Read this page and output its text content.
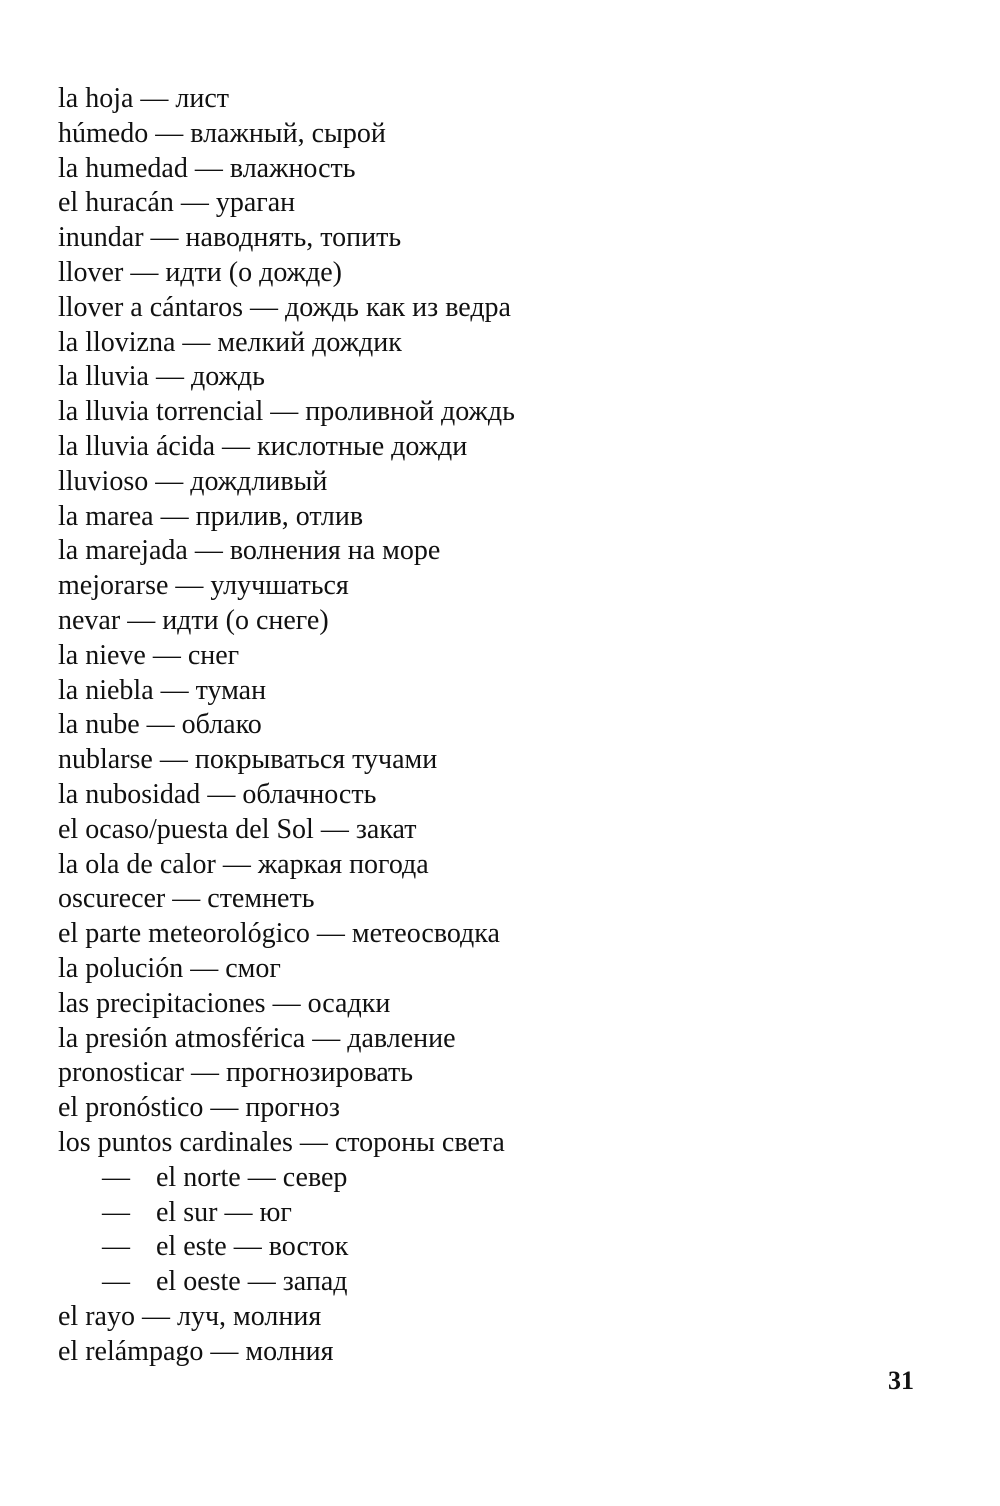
la hoja — лист
húmedo — влажный, сырой
la humedad — влажность
el huracán — ураган
inundar — наводнять, топить
llover — идти (о дожде)
llover a cántaros — дождь как из ведра
la llovizna — мелкий дождик
la lluvia — дождь
la lluvia torrencial — проливной дождь
la lluvia ácida — кислотные дожди
lluvioso — дождливый
la marea — прилив, отлив
la marejada — волнения на море
mejorarse — улучшаться
nevar — идти (о снеге)
la nieve — снег
la niebla — туман
la nube — облако
nublarse — покрываться тучами
la nubosidad — облачность
el ocaso/puesta del Sol — закат
la ola de calor — жаркая погода
oscurecer — стемнеть
el parte meteorológico — метеосводка
la polución — смог
las precipitaciones — осадки
la presión atmosférica — давление
pronosticar — прогнозировать
el pronóstico — прогноз
los puntos cardinales — стороны света
— el norte — север
— el sur — юг
— el este — восток
— el oeste — запад
el rayo — луч, молния
el relámpago — молния
31
